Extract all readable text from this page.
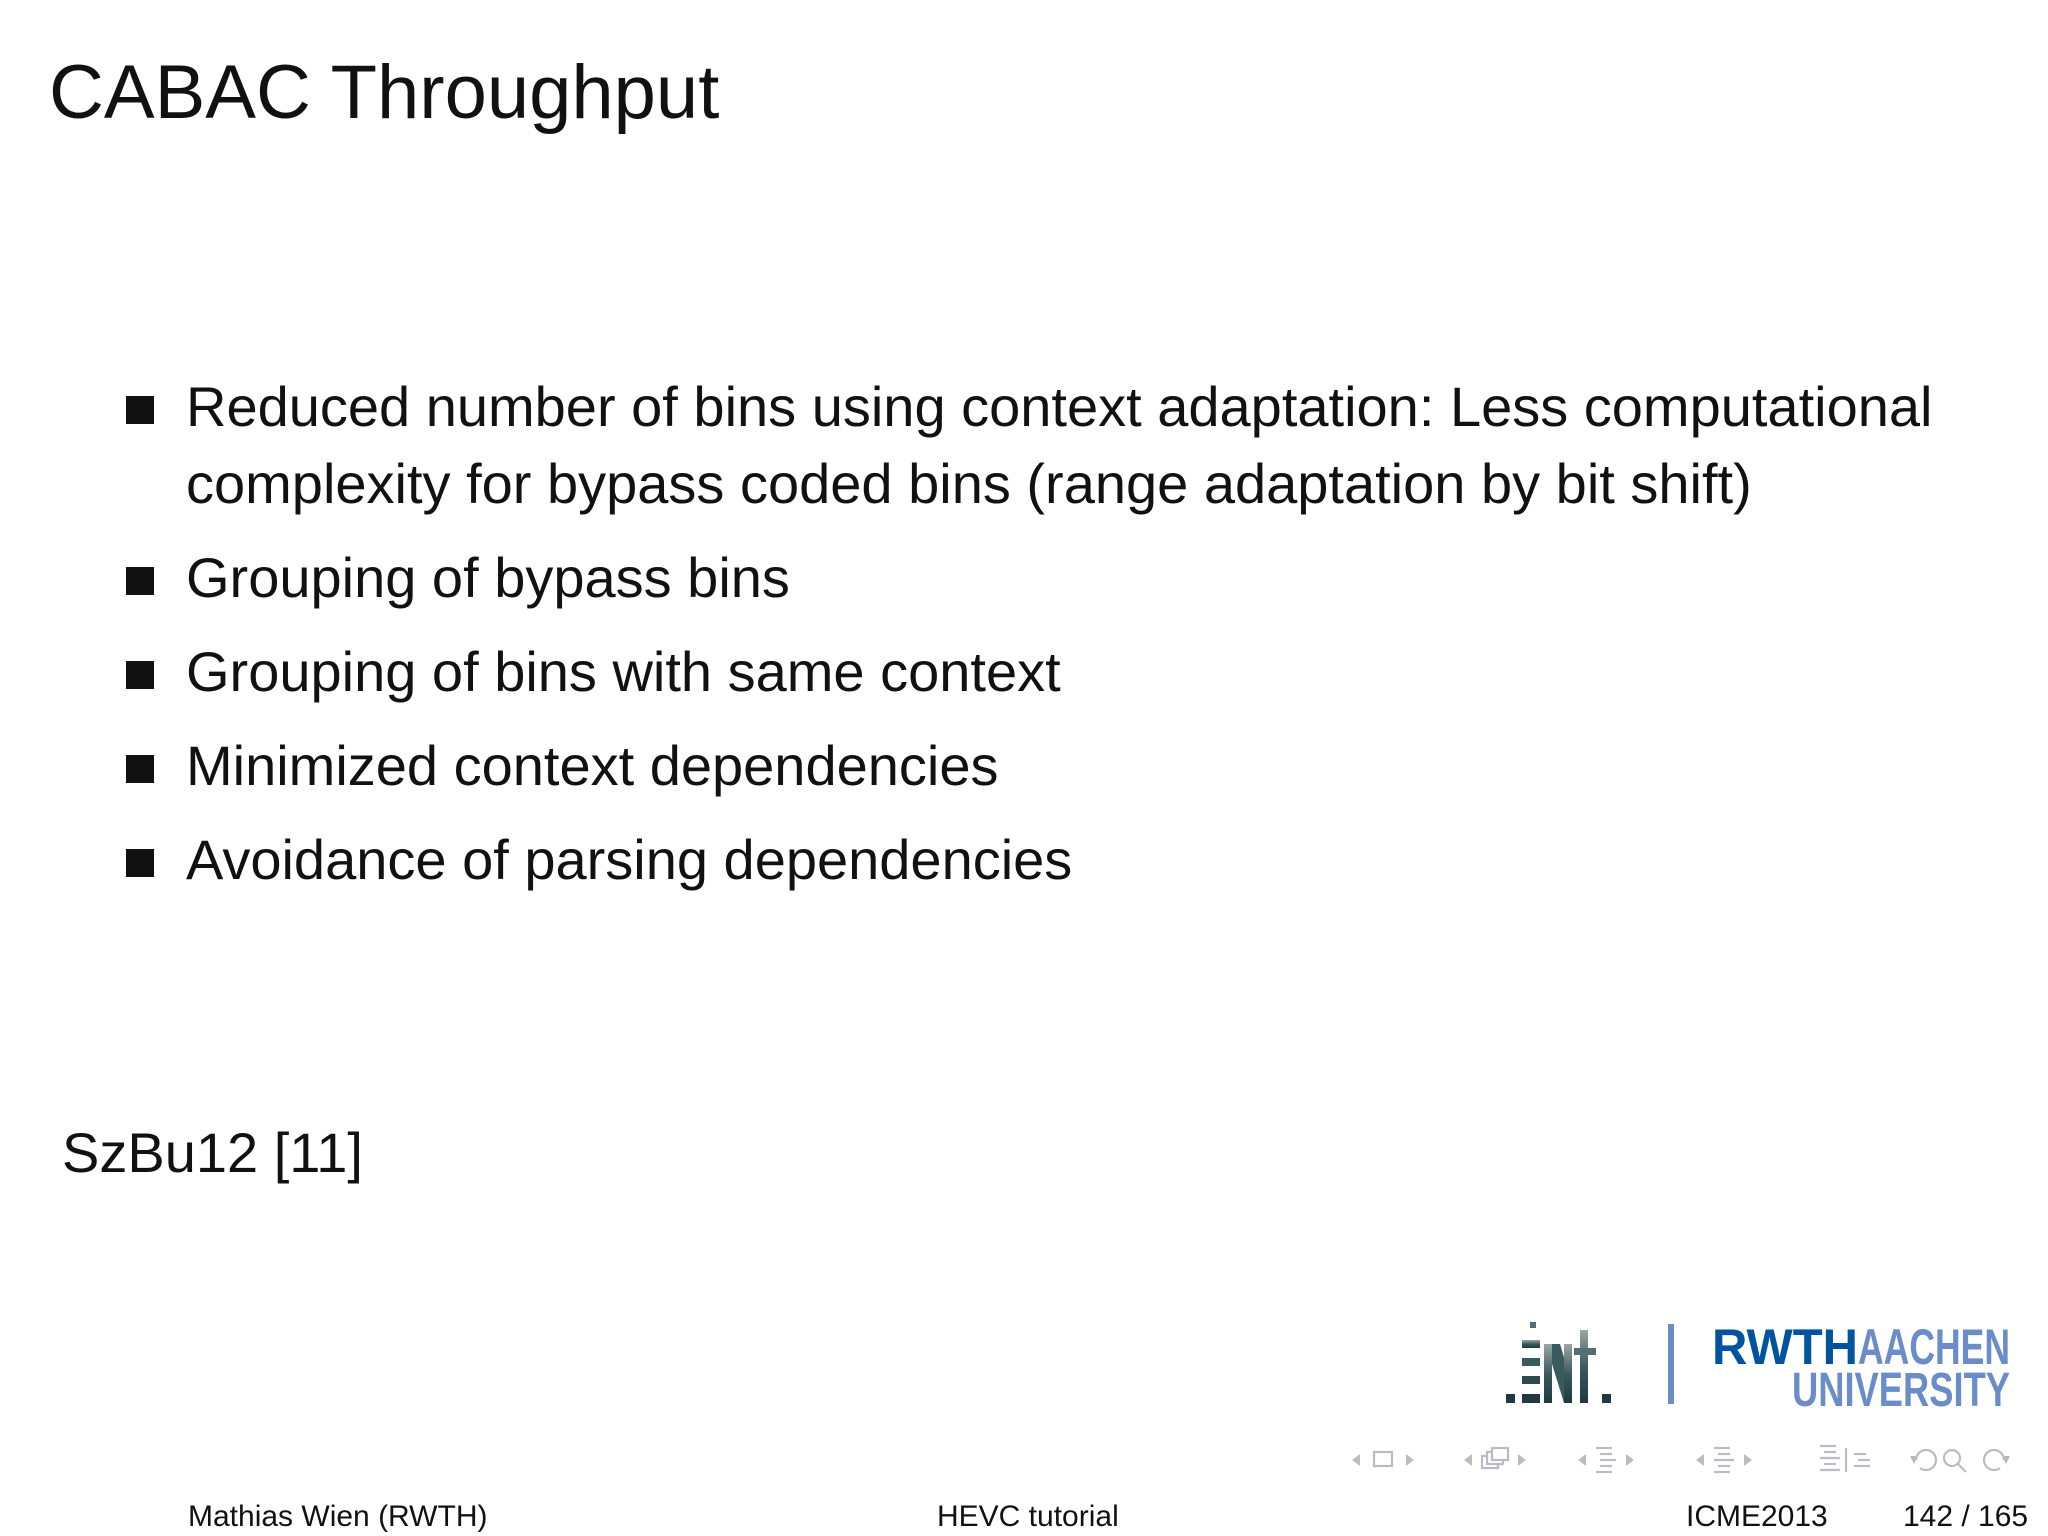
CABAC Throughput
Reduced number of bins using context adaptation: Less computational complexity for bypass coded bins (range adaptation by bit shift)
Grouping of bypass bins
Grouping of bins with same context
Minimized context dependencies
Avoidance of parsing dependencies
SzBu12 [11]
RWTH AACHEN
UNIVERSITY
Mathias Wien (RWTH)	HEVC tutorial	ICME2013	142 / 165
